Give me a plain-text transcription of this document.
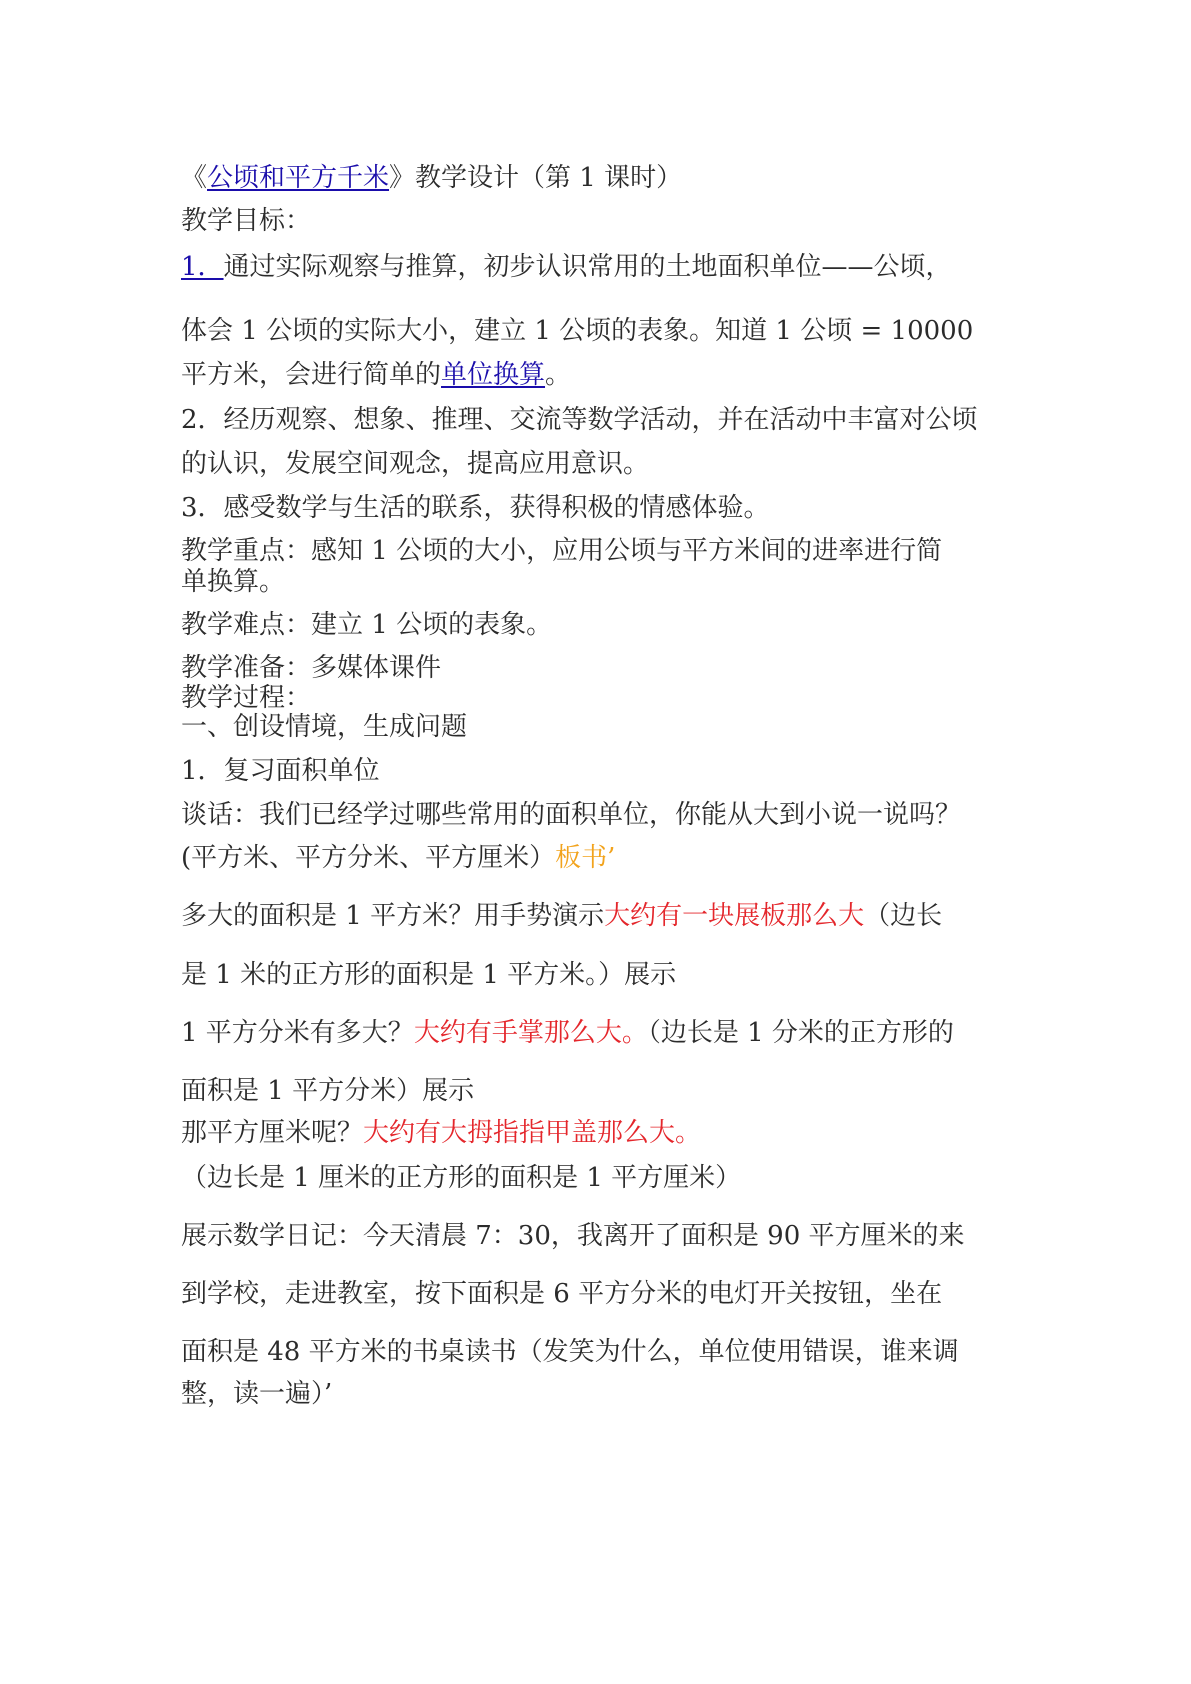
《公顷和平方千米》教学设计（第 1 课时）

教学目标：

1．通过实际观察与推算，初步认识常用的土地面积单位——公顷，

体会 1 公顷的实际大小，建立 1 公顷的表象。知道 1 公顷 = 10000

平方米，会进行简单的单位换算。

2．经历观察、想象、推理、交流等数学活动，并在活动中丰富对公顷

的认识，发展空间观念，提高应用意识。

3．感受数学与生活的联系，获得积极的情感体验。

教学重点：感知 1 公顷的大小，应用公顷与平方米间的进率进行简

单换算。

教学难点：建立 1 公顷的表象。

教学准备：多媒体课件

教学过程：

一、创设情境，生成问题

1．复习面积单位

谈话：我们已经学过哪些常用的面积单位，你能从大到小说一说吗？

(平方米、平方分米、平方厘米）板书’

多大的面积是 1 平方米？用手势演示大约有一块展板那么大（边长

是 1 米的正方形的面积是 1 平方米。）展示

1 平方分米有多大？大约有手掌那么大。（边长是 1 分米的正方形的

面积是 1 平方分米）展示

那平方厘米呢？大约有大拇指指甲盖那么大。

（边长是 1 厘米的正方形的面积是 1 平方厘米）

展示数学日记：今天清晨 7：30，我离开了面积是 90 平方厘米的来

到学校，走进教室，按下面积是 6 平方分米的电灯开关按钮，坐在

面积是 48 平方米的书桌读书（发笑为什么，单位使用错误，谁来调

整，读一遍）’
